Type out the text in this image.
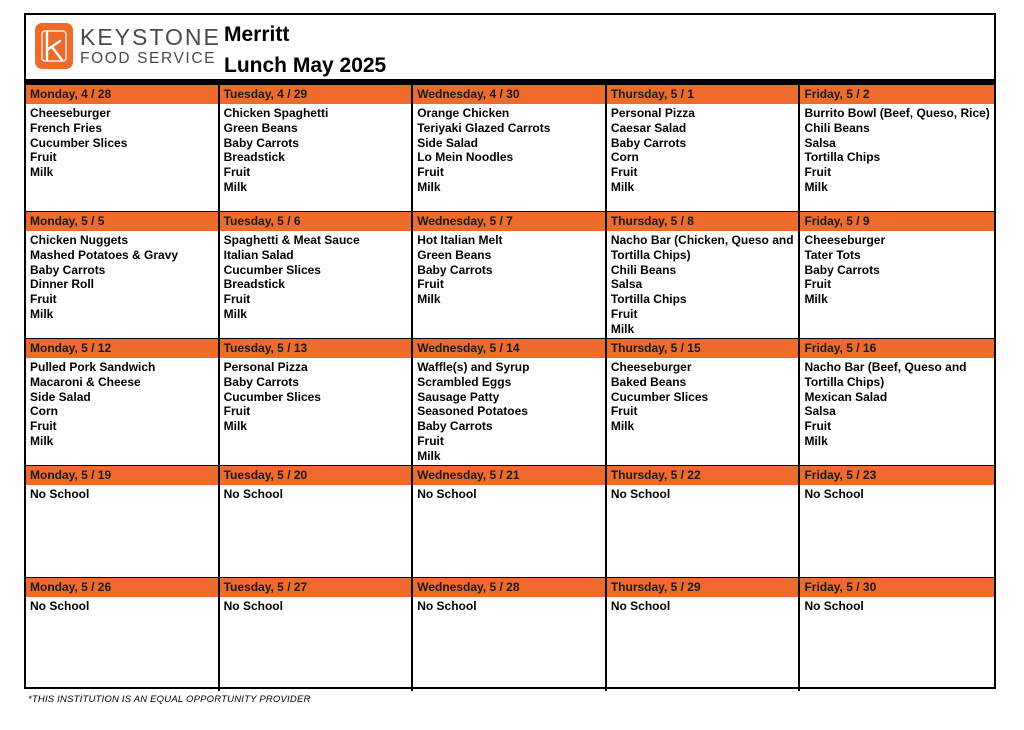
KEYSTONE
FOOD SERVICE
Merritt
Lunch May 2025
Monday, 4 / 28
Cheeseburger
French Fries
Cucumber Slices
Fruit
Milk
Tuesday, 4 / 29
Chicken Spaghetti
Green Beans
Baby Carrots
Breadstick
Fruit
Milk
Wednesday, 4 / 30
Orange Chicken
Teriyaki Glazed Carrots
Side Salad
Lo Mein Noodles
Fruit
Milk
Thursday, 5 / 1
Personal Pizza
Caesar Salad
Baby Carrots
Corn
Fruit
Milk
Friday, 5 / 2
Burrito Bowl (Beef, Queso, Rice)
Chili Beans
Salsa
Tortilla Chips
Fruit
Milk
Monday, 5 / 5
Chicken Nuggets
Mashed Potatoes & Gravy
Baby Carrots
Dinner Roll
Fruit
Milk
Tuesday, 5 / 6
Spaghetti & Meat Sauce
Italian Salad
Cucumber Slices
Breadstick
Fruit
Milk
Wednesday, 5 / 7
Hot Italian Melt
Green Beans
Baby Carrots
Fruit
Milk
Thursday, 5 / 8
Nacho Bar (Chicken, Queso and Tortilla Chips)
Chili Beans
Salsa
Tortilla Chips
Fruit
Milk
Friday, 5 / 9
Cheeseburger
Tater Tots
Baby Carrots
Fruit
Milk
Monday, 5 / 12
Pulled Pork Sandwich
Macaroni & Cheese
Side Salad
Corn
Fruit
Milk
Tuesday, 5 / 13
Personal Pizza
Baby Carrots
Cucumber Slices
Fruit
Milk
Wednesday, 5 / 14
Waffle(s) and Syrup
Scrambled Eggs
Sausage Patty
Seasoned Potatoes
Baby Carrots
Fruit
Milk
Thursday, 5 / 15
Cheeseburger
Baked Beans
Cucumber Slices
Fruit
Milk
Friday, 5 / 16
Nacho Bar (Beef, Queso and Tortilla Chips)
Mexican Salad
Salsa
Fruit
Milk
Monday, 5 / 19
No School
Tuesday, 5 / 20
No School
Wednesday, 5 / 21
No School
Thursday, 5 / 22
No School
Friday, 5 / 23
No School
Monday, 5 / 26
No School
Tuesday, 5 / 27
No School
Wednesday, 5 / 28
No School
Thursday, 5 / 29
No School
Friday, 5 / 30
No School
*THIS INSTITUTION IS AN EQUAL OPPORTUNITY PROVIDER
